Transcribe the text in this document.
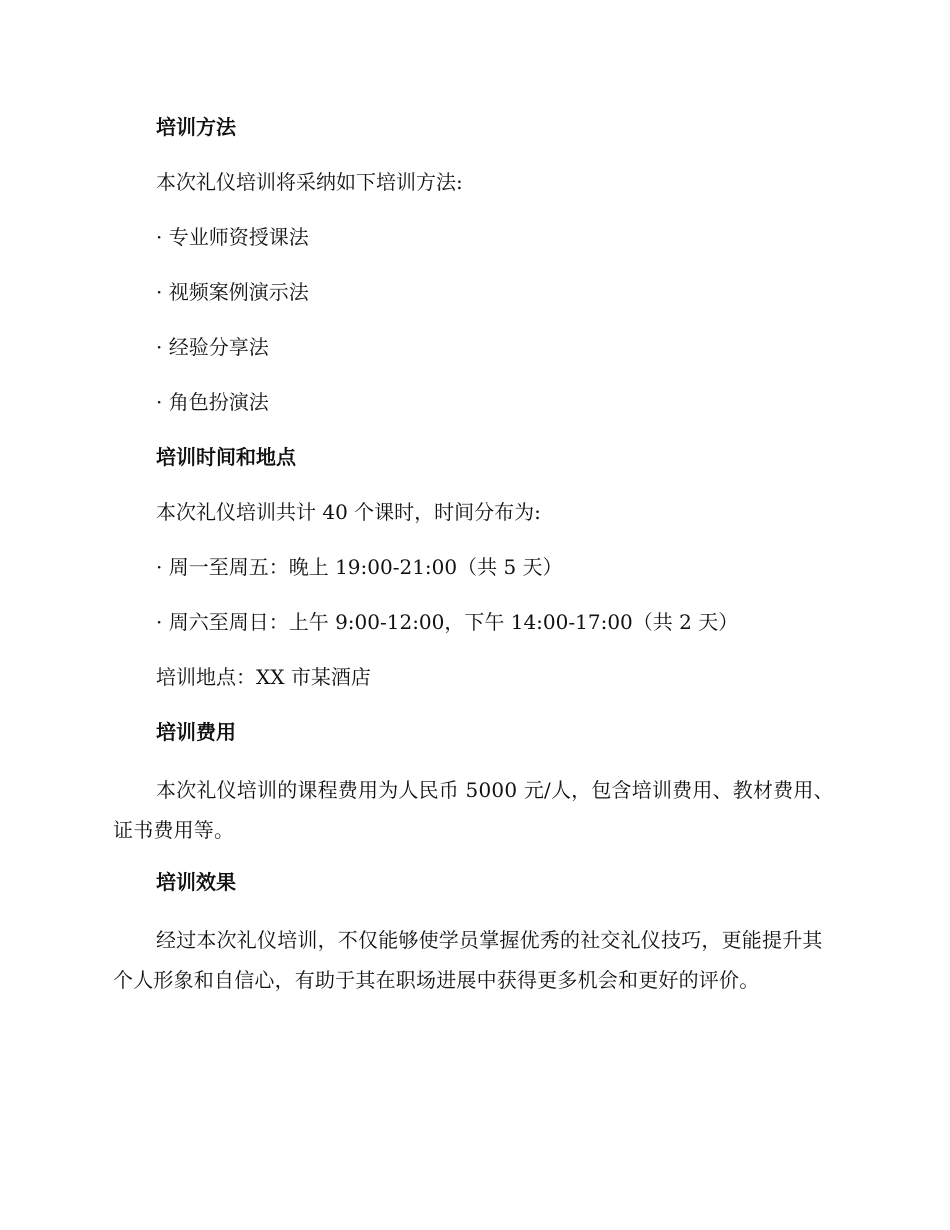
培训方法
本次礼仪培训将采纳如下培训方法:
· 专业师资授课法
· 视频案例演示法
· 经验分享法
· 角色扮演法
培训时间和地点
本次礼仪培训共计 40 个课时，时间分布为:
· 周一至周五：晚上 19:00-21:00（共 5 天）
· 周六至周日：上午 9:00-12:00，下午 14:00-17:00（共 2 天）
培训地点：XX 市某酒店
培训费用
本次礼仪培训的课程费用为人民币 5000 元/人，包含培训费用、教材费用、证书费用等。
培训效果
经过本次礼仪培训，不仅能够使学员掌握优秀的社交礼仪技巧，更能提升其个人形象和自信心，有助于其在职场进展中获得更多机会和更好的评价。
